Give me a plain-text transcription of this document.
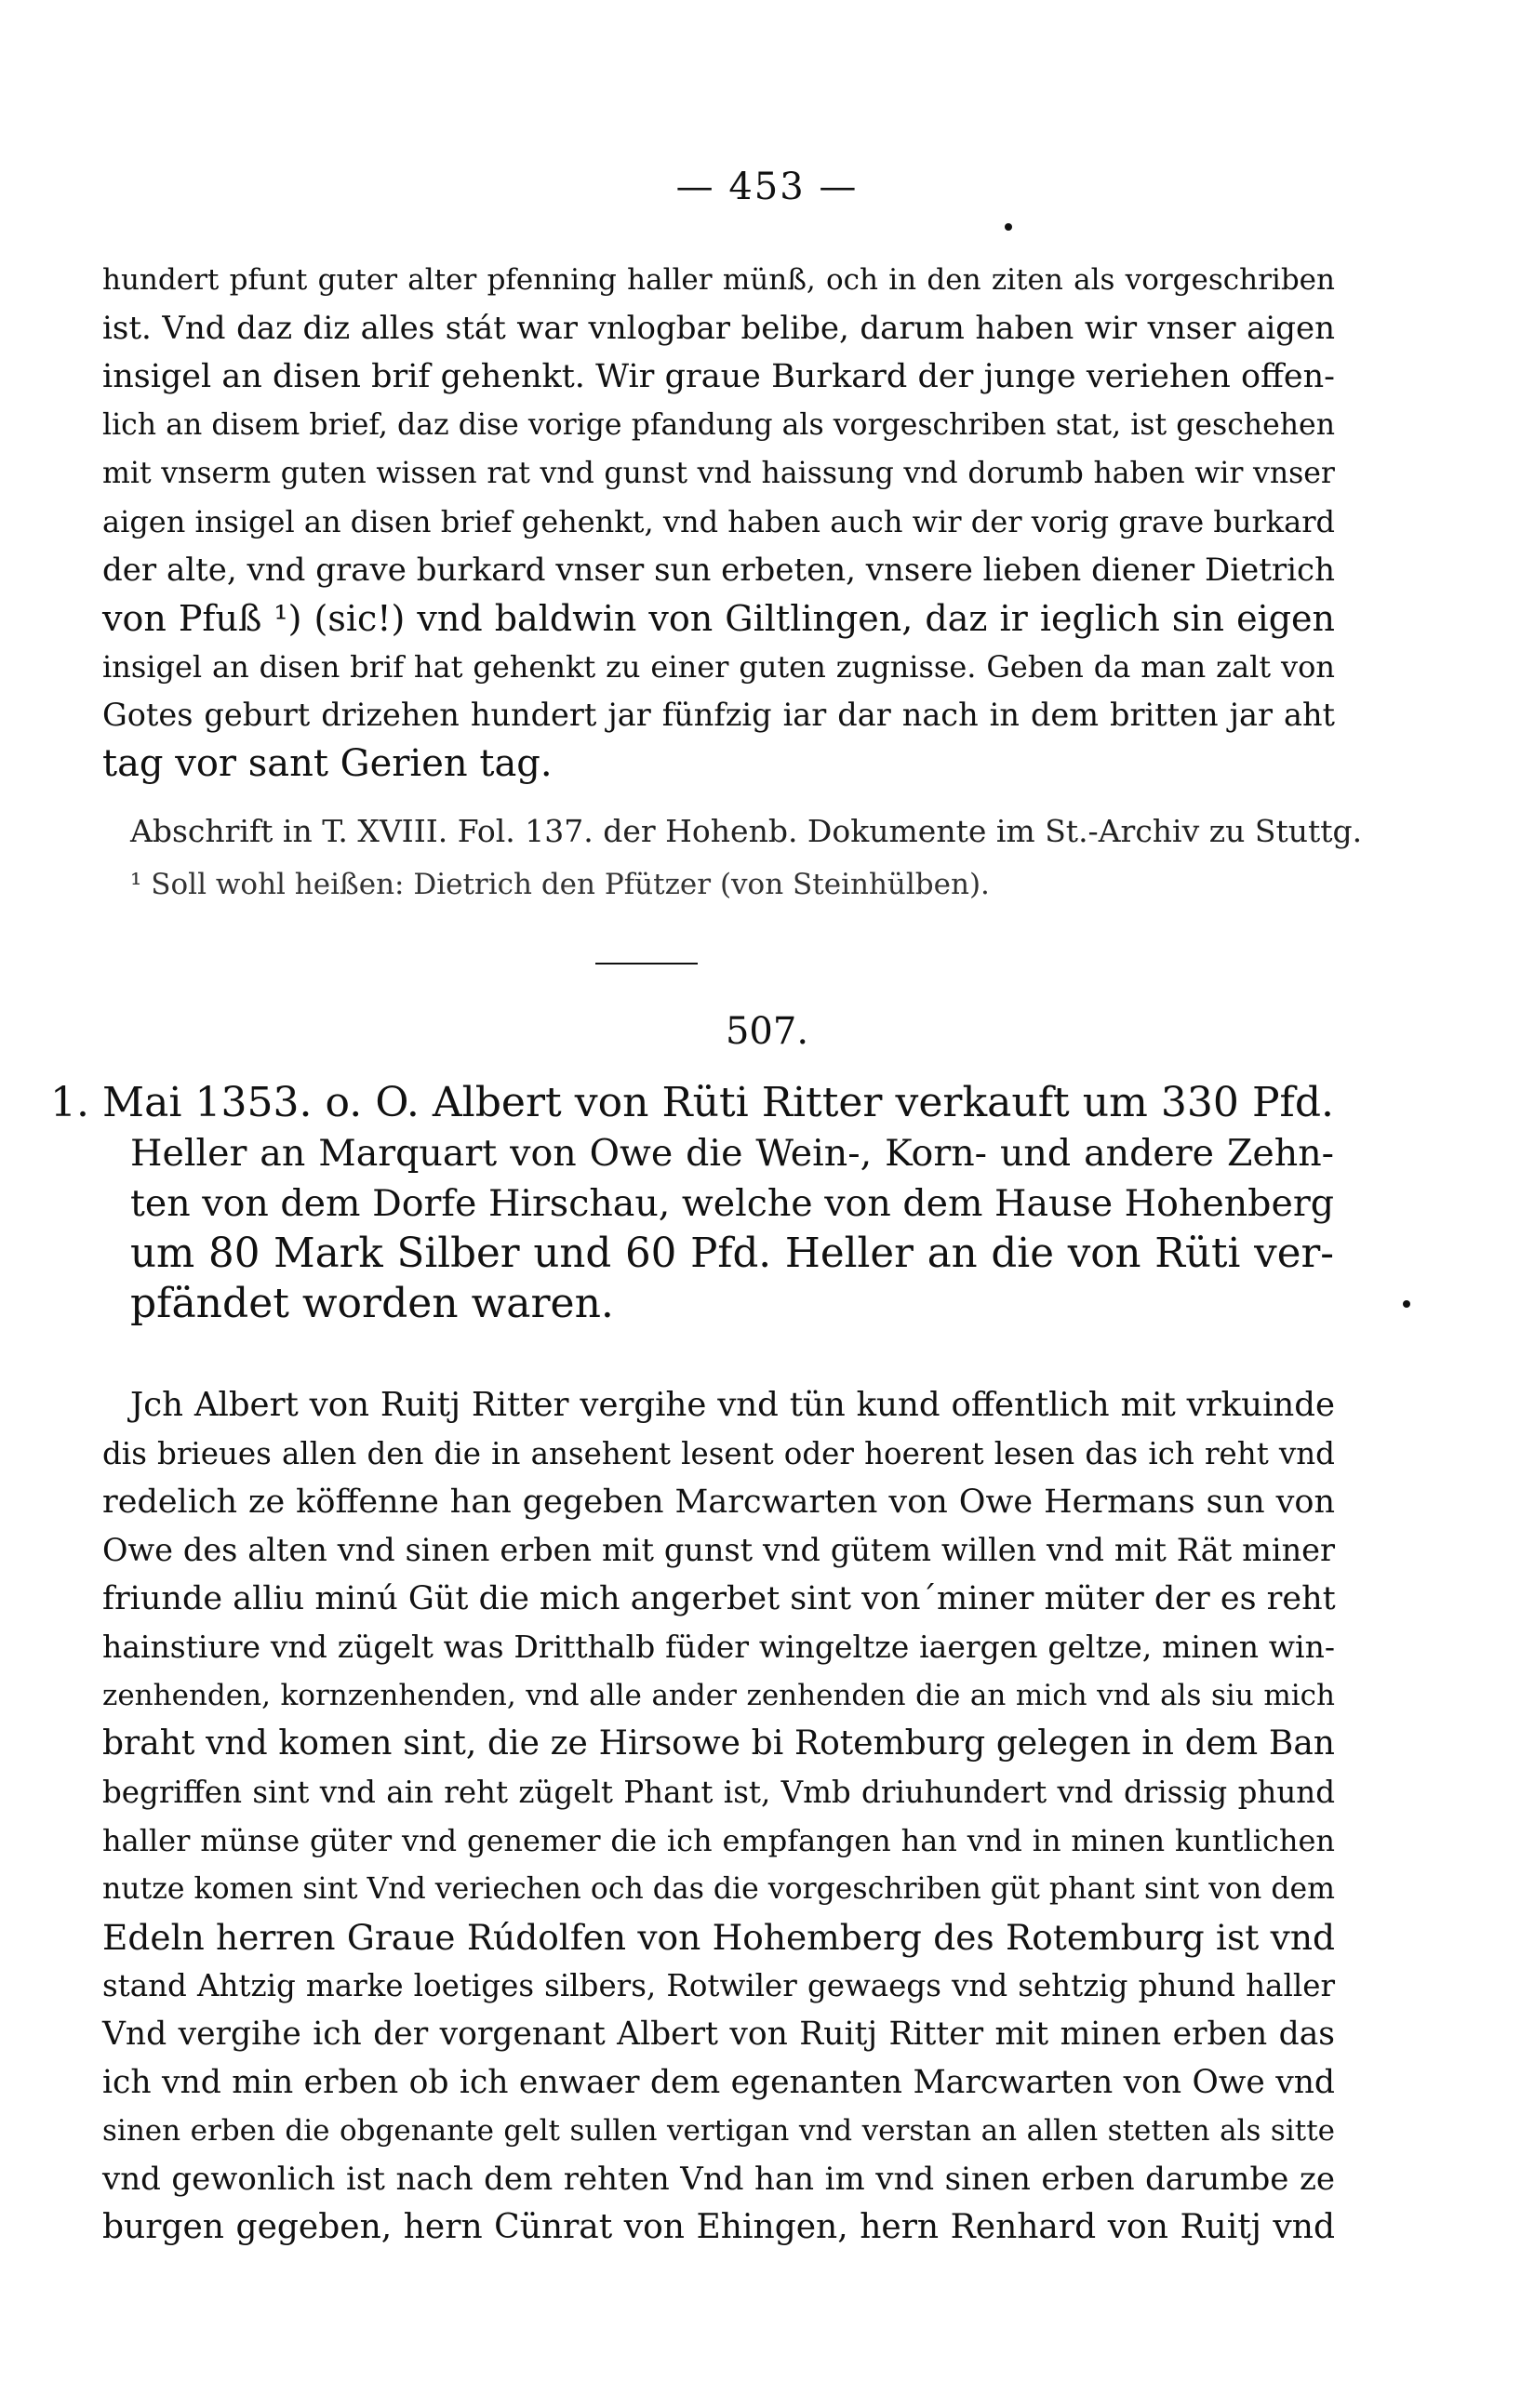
— 453 —
hundert pfunt guter alter pfenning haller münß, och in den ziten als vorgeschriben
ist. Vnd daz diz alles stát war vnlogbar belibe, darum haben wir vnser aigen
insigel an disen brif gehenkt. Wir graue Burkard der junge veriehen offen-
lich an disem brief, daz dise vorige pfandung als vorgeschriben stat, ist geschehen
mit vnserm guten wissen rat vnd gunst vnd haissung vnd dorumb haben wir vnser
aigen insigel an disen brief gehenkt, vnd haben auch wir der vorig grave burkard
der alte, vnd grave burkard vnser sun erbeten, vnsere lieben diener Dietrich
von Pfuß ¹) (sic!) vnd baldwin von Giltlingen, daz ir ieglich sin eigen
insigel an disen brif hat gehenkt zu einer guten zugnisse. Geben da man zalt von
Gotes geburt drizehen hundert jar fünfzig iar dar nach in dem britten jar aht
tag vor sant Gerien tag.
Abschrift in T. XVIII. Fol. 137. der Hohenb. Dokumente im St.-Archiv zu Stuttg.
¹ Soll wohl heißen: Dietrich den Pfützer (von Steinhülben).
507.
1. Mai 1353. o. O. Albert von Rüti Ritter verkauft um 330 Pfd.
Heller an Marquart von Owe die Wein-, Korn- und andere Zehn-
ten von dem Dorfe Hirschau, welche von dem Hause Hohenberg
um 80 Mark Silber und 60 Pfd. Heller an die von Rüti ver-
pfändet worden waren.
Jch Albert von Ruitj Ritter vergihe vnd tün kund offentlich mit vrkuinde
dis brieues allen den die in ansehent lesent oder hoerent lesen das ich reht vnd
redelich ze köffenne han gegeben Marcwarten von Owe Hermans sun von
Owe des alten vnd sinen erben mit gunst vnd gütem willen vnd mit Rät miner
friunde alliu minú Güt die mich angerbet sint von´miner müter der es reht
hainstiure vnd zügelt was Dritthalb füder wingeltze iaergen geltze, minen win-
zenhenden, kornzenhenden, vnd alle ander zenhenden die an mich vnd als siu mich
braht vnd komen sint, die ze Hirsowe bi Rotemburg gelegen in dem Ban
begriffen sint vnd ain reht zügelt Phant ist, Vmb driuhundert vnd drissig phund
haller münse güter vnd genemer die ich empfangen han vnd in minen kuntlichen
nutze komen sint Vnd veriechen och das die vorgeschriben güt phant sint von dem
Edeln herren Graue Rúdolfen von Hohemberg des Rotemburg ist vnd
stand Ahtzig marke loetiges silbers, Rotwiler gewaegs vnd sehtzig phund haller
Vnd vergihe ich der vorgenant Albert von Ruitj Ritter mit minen erben das
ich vnd min erben ob ich enwaer dem egenanten Marcwarten von Owe vnd
sinen erben die obgenante gelt sullen vertigan vnd verstan an allen stetten als sitte
vnd gewonlich ist nach dem rehten Vnd han im vnd sinen erben darumbe ze
burgen gegeben, hern Cünrat von Ehingen, hern Renhard von Ruitj vnd
